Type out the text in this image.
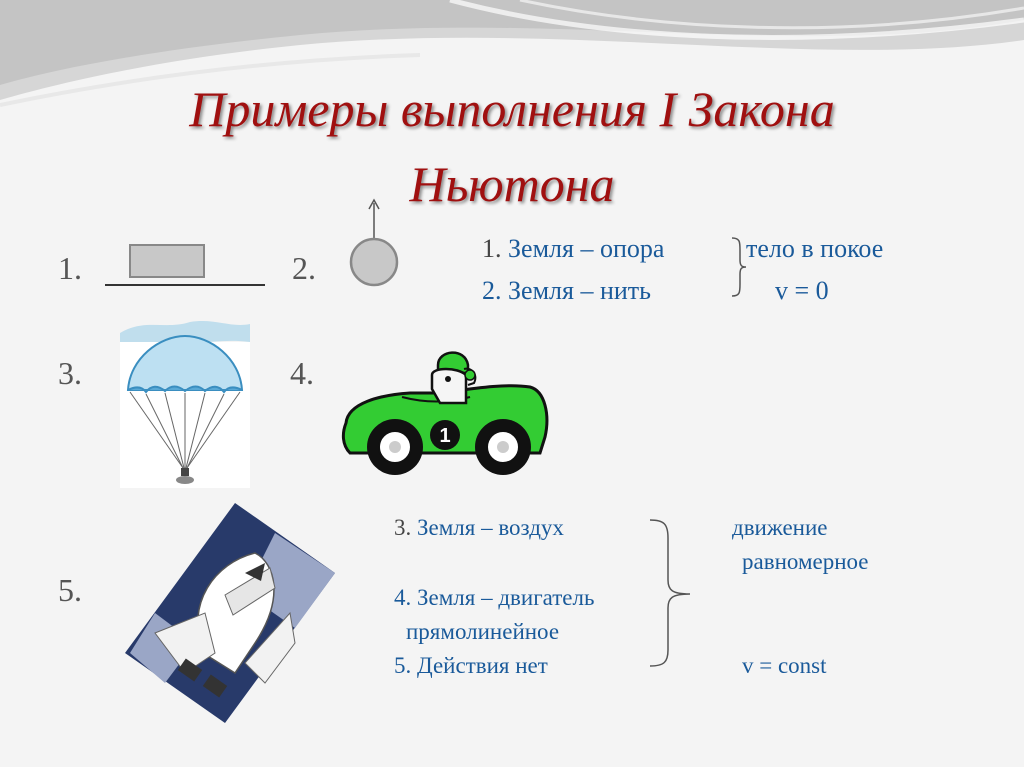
Примеры выполнения I Закона
Ньютона
1.	2.
3.	4.
5.
1
1. Земля – опора
2. Земля – нить
тело в покое
v = 0
3. Земля – воздух
4. Земля – двигатель
прямолинейное
5. Действия нет
движение
равномерное
v = const
